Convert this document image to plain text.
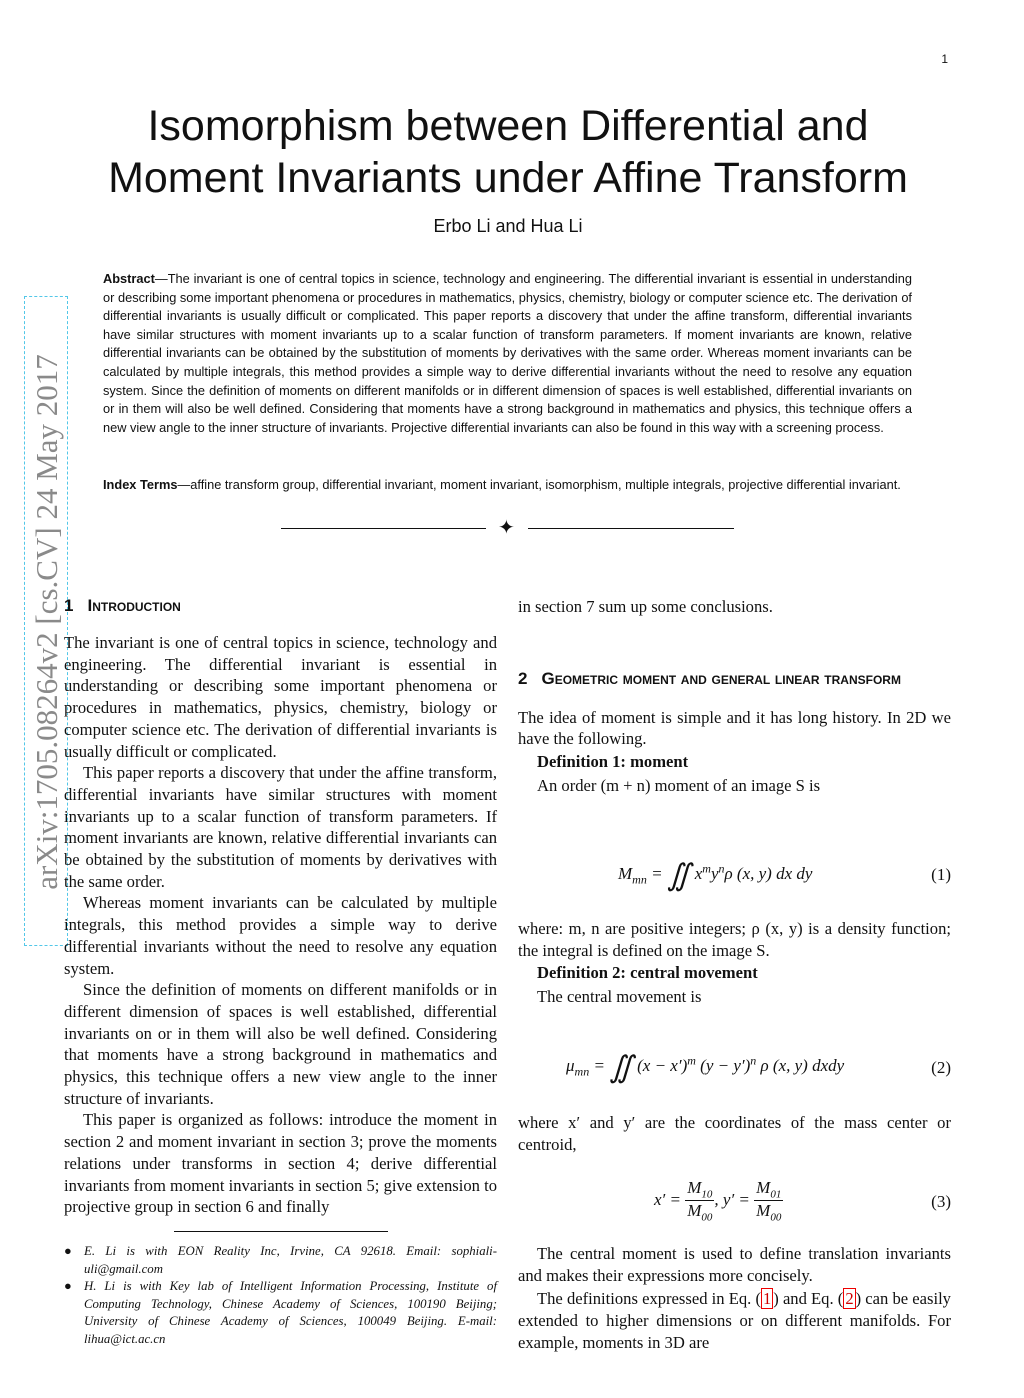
1
Isomorphism between Differential and
Moment Invariants under Affine Transform
Erbo Li and Hua Li
Abstract—The invariant is one of central topics in science, technology and engineering. The differential invariant is essential in understanding or describing some important phenomena or procedures in mathematics, physics, chemistry, biology or computer science etc. The derivation of differential invariants is usually difficult or complicated. This paper reports a discovery that under the affine transform, differential invariants have similar structures with moment invariants up to a scalar function of transform parameters. If moment invariants are known, relative differential invariants can be obtained by the substitution of moments by derivatives with the same order. Whereas moment invariants can be calculated by multiple integrals, this method provides a simple way to derive differential invariants without the need to resolve any equation system. Since the definition of moments on different manifolds or in different dimension of spaces is well established, differential invariants on or in them will also be well defined. Considering that moments have a strong background in mathematics and physics, this technique offers a new view angle to the inner structure of invariants. Projective differential invariants can also be found in this way with a screening process.
Index Terms—affine transform group, differential invariant, moment invariant, isomorphism, multiple integrals, projective differential invariant.
✦
arXiv:1705.08264v2 [cs.CV] 24 May 2017 1 Introduction

The invariant is one of central topics in science, technology and engineering. The differential invariant is essential in understanding or describing some important phenomena or procedures in mathematics, physics, chemistry, biology or computer science etc. The derivation of differential invariants is usually difficult or complicated.

This paper reports a discovery that under the affine transform, differential invariants have similar structures with moment invariants up to a scalar function of transform parameters. If moment invariants are known, relative differential invariants can be obtained by the substitution of moments by derivatives with the same order.

Whereas moment invariants can be calculated by multiple integrals, this method provides a simple way to derive differential invariants without the need to resolve any equation system.

Since the definition of moments on different manifolds or in different dimension of spaces is well established, differential invariants on or in them will also be well defined. Considering that moments have a strong background in mathematics and physics, this technique offers a new view angle to the inner structure of invariants.

This paper is organized as follows: introduce the moment in section 2 and moment invariant in section 3; prove the moments relations under transforms in section 4; derive differential invariants from moment invariants in section 5; give extension to projective group in section 6 and finally

● E. Li is with EON Reality Inc, Irvine, CA 92618. Email: sophiali-uli@gmail.com
● H. Li is with Key lab of Intelligent Information Processing, Institute of Computing Technology, Chinese Academy of Sciences, 100190 Beijing; University of Chinese Academy of Sciences, 100049 Beijing. E-mail: lihua@ict.ac.cn

in section 7 sum up some conclusions.

2 Geometric moment and general linear transform

The idea of moment is simple and it has long history. In 2D we have the following.

Definition 1: moment
An order (m + n) moment of an image S is
$M_{mn}$ = ∬ $x^my^n\rho$ (x, y) dx dy	(1)

where: m, n are positive integers; ρ (x, y) is a density function; the integral is defined on the image S.

Definition 2: central movement
The central movement is
$\mu_{mn}$ = ∬ $(x - x')^m$ $(y - y')^n$ ρ (x, y) dxdy	(2)

where x′ and y′ are the coordinates of the mass center or centroid,

$x' = \frac{M_{10}}{M_{00}}$ , $y' = \frac{M_{01}}{M_{00}}$	(3)

The central moment is used to define translation invariants and makes their expressions more concisely.

The definitions expressed in Eq. ( 1 ) and Eq. ( 2 ) can be easily extended to higher dimensions or on different manifolds. For example, moments in 3D are
